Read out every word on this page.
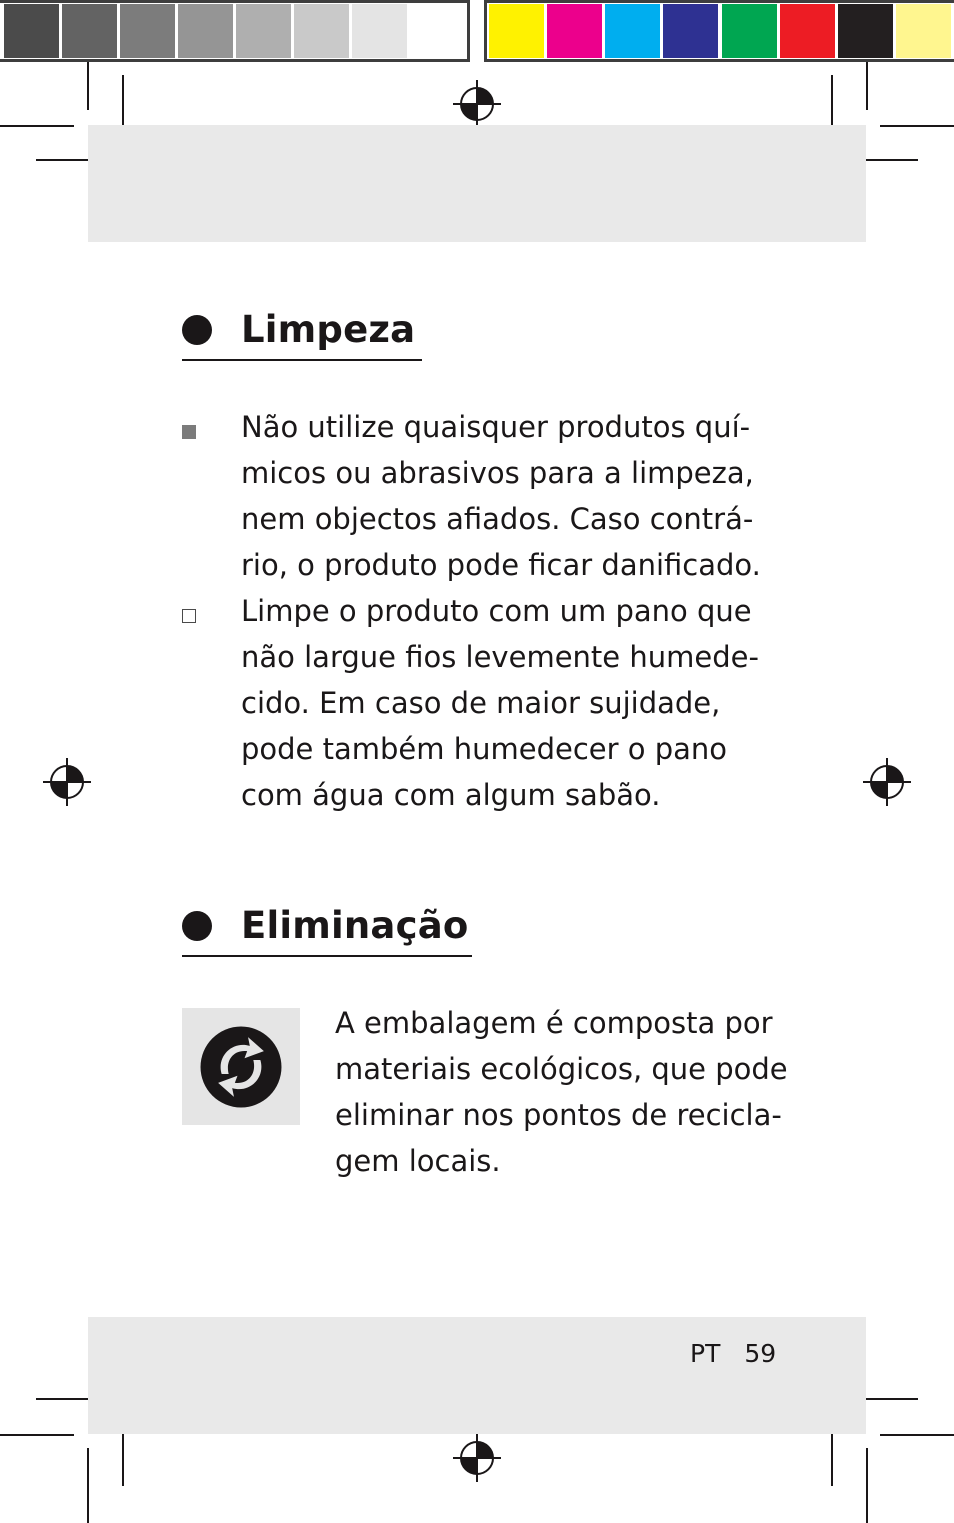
Limpeza
Não utilize quaisquer produtos quí-
micos ou abrasivos para a limpeza,
nem objectos afiados. Caso contrá-
rio, o produto pode ficar danificado.
Limpe o produto com um pano que
não largue fios levemente humede-
cido. Em caso de maior sujidade,
pode também humedecer o pano
com água com algum sabão.
Eliminação
A embalagem é composta por
materiais ecológicos, que pode
eliminar nos pontos de recicla-
gem locais.
PT 59
